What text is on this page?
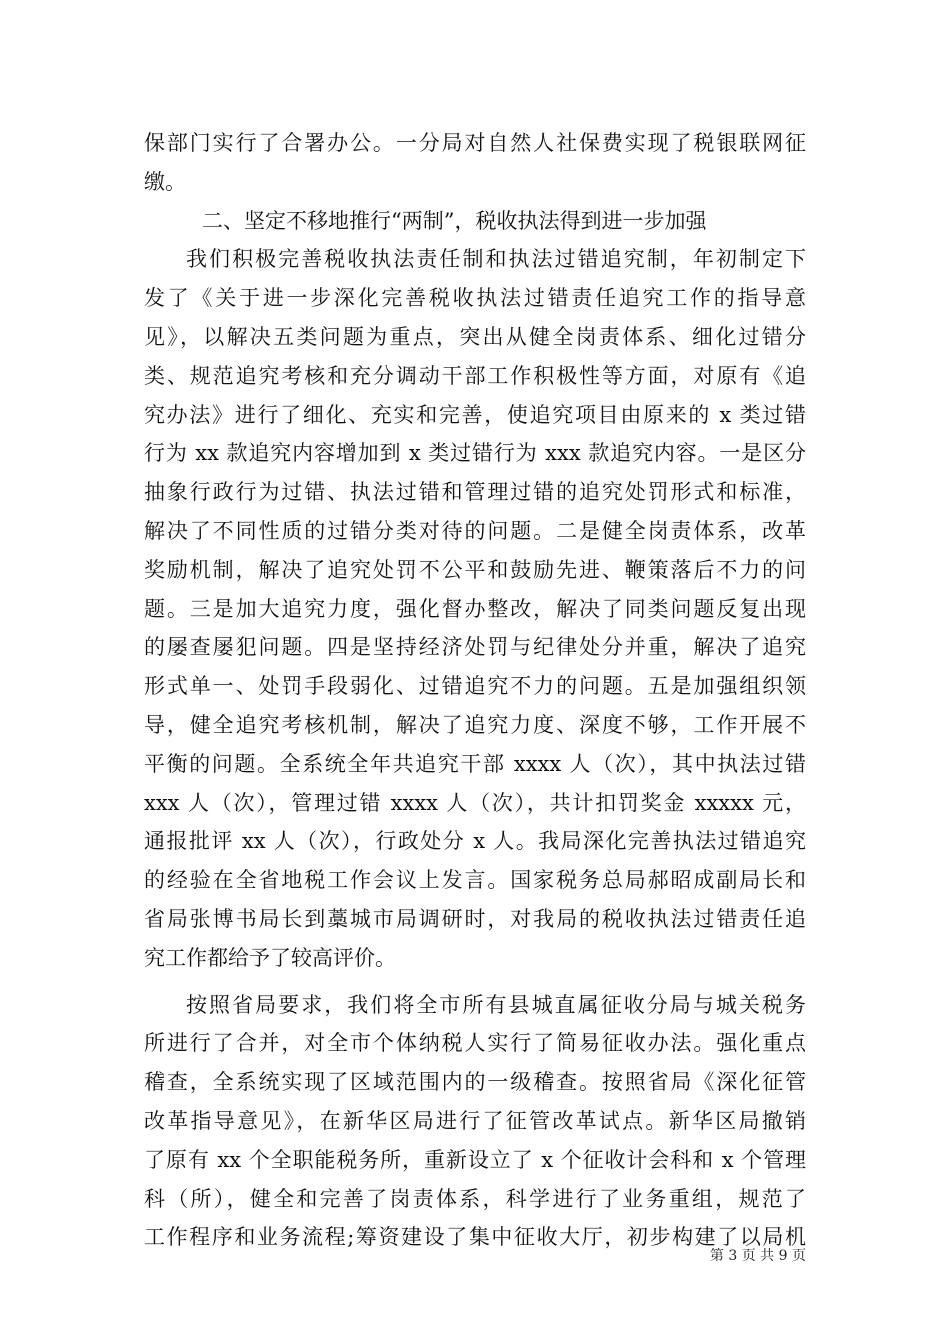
保部门实行了合署办公。一分局对自然人社保费实现了税银联网征
缴。
二、坚定不移地推行“两制”，税收执法得到进一步加强
我们积极完善税收执法责任制和执法过错追究制，年初制定下
发了《关于进一步深化完善税收执法过错责任追究工作的指导意
见》，以解决五类问题为重点，突出从健全岗责体系、细化过错分
类、规范追究考核和充分调动干部工作积极性等方面，对原有《追
究办法》进行了细化、充实和完善，使追究项目由原来的 x 类过错
行为 xx 款追究内容增加到 x 类过错行为 xxx 款追究内容。一是区分
抽象行政行为过错、执法过错和管理过错的追究处罚形式和标准，
解决了不同性质的过错分类对待的问题。二是健全岗责体系，改革
奖励机制，解决了追究处罚不公平和鼓励先进、鞭策落后不力的问
题。三是加大追究力度，强化督办整改，解决了同类问题反复出现
的屡查屡犯问题。四是坚持经济处罚与纪律处分并重，解决了追究
形式单一、处罚手段弱化、过错追究不力的问题。五是加强组织领
导，健全追究考核机制，解决了追究力度、深度不够，工作开展不
平衡的问题。全系统全年共追究干部 xxxx 人（次），其中执法过错
xxx 人（次），管理过错 xxxx 人（次），共计扣罚奖金 xxxxx 元，
通报批评 xx 人（次），行政处分 x 人。我局深化完善执法过错追究
的经验在全省地税工作会议上发言。国家税务总局郝昭成副局长和
省局张博书局长到藁城市局调研时，对我局的税收执法过错责任追
究工作都给予了较高评价。
按照省局要求，我们将全市所有县城直属征收分局与城关税务
所进行了合并，对全市个体纳税人实行了简易征收办法。强化重点
稽查，全系统实现了区域范围内的一级稽查。按照省局《深化征管
改革指导意见》，在新华区局进行了征管改革试点。新华区局撤销
了原有 xx 个全职能税务所，重新设立了 x 个征收计会科和 x 个管理
科（所），健全和完善了岗责体系，科学进行了业务重组，规范了
工作程序和业务流程;筹资建设了集中征收大厅，初步构建了以局机
第 3 页 共 9 页
